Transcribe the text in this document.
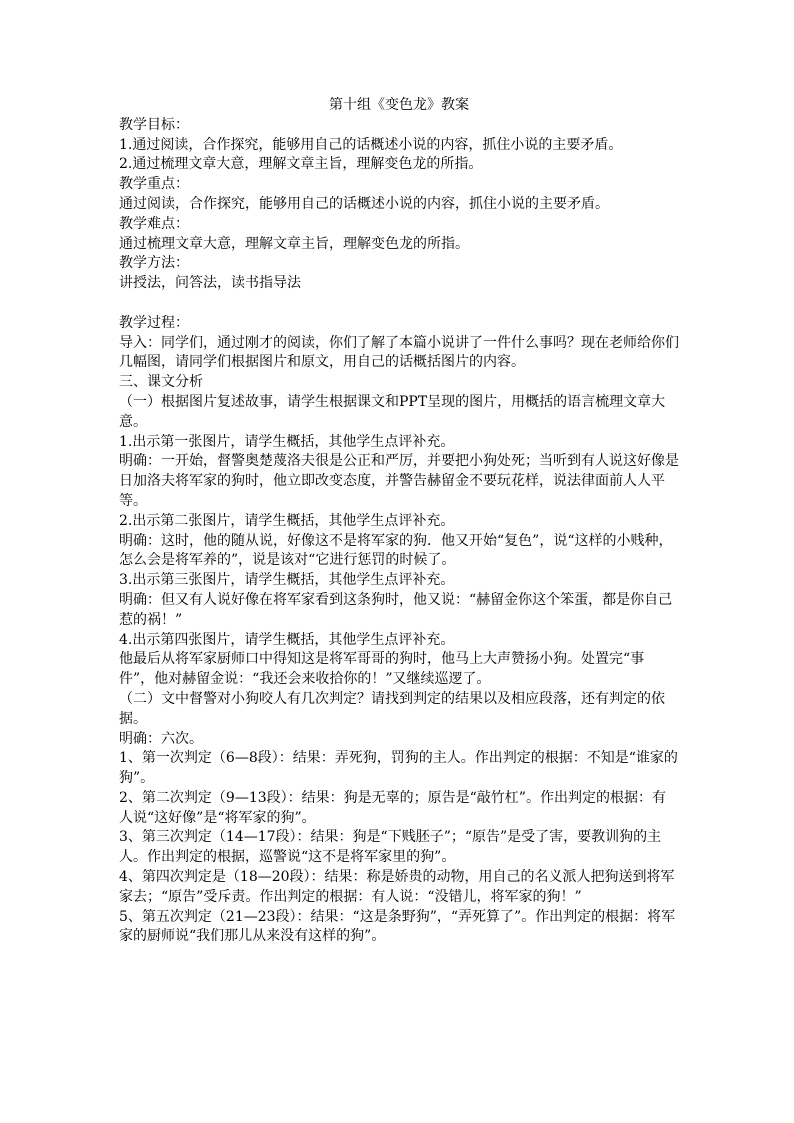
第十组《变色龙》教案

教学目标：

1.通过阅读，合作探究，能够用自己的话概述小说的内容，抓住小说的主要矛盾。

2.通过梳理文章大意，理解文章主旨，理解变色龙的所指。

教学重点：

通过阅读，合作探究，能够用自己的话概述小说的内容，抓住小说的主要矛盾。

教学难点：

通过梳理文章大意，理解文章主旨，理解变色龙的所指。

教学方法：

讲授法，问答法，读书指导法

教学过程：

导入：同学们，通过刚才的阅读，你们了解了本篇小说讲了一件什么事吗？现在老师给你们几幅图，请同学们根据图片和原文，用自己的话概括图片的内容。

三、课文分析

（一）根据图片复述故事，请学生根据课文和PPT呈现的图片，用概括的语言梳理文章大意。

1.出示第一张图片，请学生概括，其他学生点评补充。

明确：一开始，督警奥楚蔑洛夫很是公正和严厉，并要把小狗处死；当听到有人说这好像是日加洛夫将军家的狗时，他立即改变态度，并警告赫留金不要玩花样，说法律面前人人平等。

2.出示第二张图片，请学生概括，其他学生点评补充。

明确：这时，他的随从说，好像这不是将军家的狗．他又开始“复色”，说“这样的小贱种，怎么会是将军养的”，说是该对“它进行惩罚的时候了。

3.出示第三张图片，请学生概括，其他学生点评补充。

明确：但又有人说好像在将军家看到这条狗时，他又说：“赫留金你这个笨蛋，都是你自己惹的祸！”

4.出示第四张图片，请学生概括，其他学生点评补充。

他最后从将军家厨师口中得知这是将军哥哥的狗时，他马上大声赞扬小狗。处置完“事件”，他对赫留金说：“我还会来收拾你的！”又继续巡逻了。

（二）文中督警对小狗咬人有几次判定？请找到判定的结果以及相应段落，还有判定的依据。

明确：六次。

1、第一次判定（6—8段）：结果：弄死狗，罚狗的主人。作出判定的根据：不知是“谁家的狗”。

2、第二次判定（9—13段）：结果：狗是无辜的；原告是“敲竹杠”。作出判定的根据：有人说“这好像”是“将军家的狗”。

3、第三次判定（14—17段）：结果：狗是“下贱胚子”；“原告”是受了害，要教训狗的主人。作出判定的根据，巡警说“这不是将军家里的狗”。

4、第四次判定是（18—20段）：结果：称是娇贵的动物，用自己的名义派人把狗送到将军家去；“原告”受斥责。作出判定的根据：有人说：“没错儿，将军家的狗！”

5、第五次判定（21—23段）：结果：“这是条野狗”，“弄死算了”。作出判定的根据：将军家的厨师说“我们那儿从来没有这样的狗”。
